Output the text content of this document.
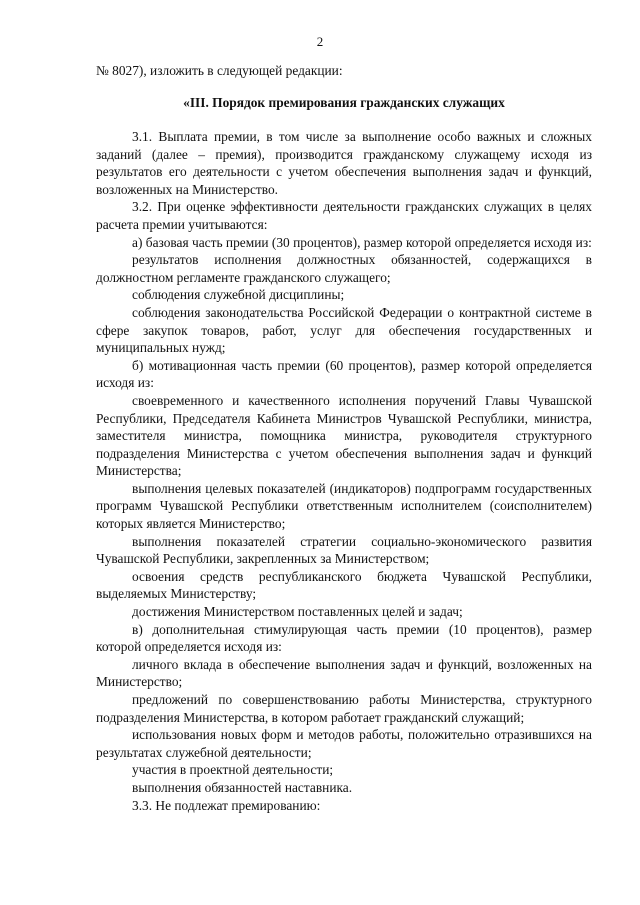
2
№ 8027), изложить в следующей редакции:
«III. Порядок премирования гражданских служащих

3.1. Выплата премии, в том числе за выполнение особо важных и сложных заданий (далее – премия), производится гражданскому служащему исходя из результатов его деятельности с учетом обеспечения выполнения задач и функций, возложенных на Министерство.

3.2. При оценке эффективности деятельности гражданских служащих в целях расчета премии учитываются:

а) базовая часть премии (30 процентов), размер которой определяется исходя из:

результатов исполнения должностных обязанностей, содержащихся в должностном регламенте гражданского служащего;

соблюдения служебной дисциплины;

соблюдения законодательства Российской Федерации о контрактной системе в сфере закупок товаров, работ, услуг для обеспечения государственных и муниципальных нужд;

б) мотивационная часть премии (60 процентов), размер которой определяется исходя из:

своевременного и качественного исполнения поручений Главы Чувашской Республики, Председателя Кабинета Министров Чувашской Республики, министра, заместителя министра, помощника министра, руководителя структурного подразделения Министерства с учетом обеспечения выполнения задач и функций Министерства;

выполнения целевых показателей (индикаторов) подпрограмм государственных программ Чувашской Республики ответственным исполнителем (соисполнителем) которых является Министерство;

выполнения показателей стратегии социально-экономического развития Чувашской Республики, закрепленных за Министерством;

освоения средств республиканского бюджета Чувашской Республики, выделяемых Министерству;

достижения Министерством поставленных целей и задач;

в) дополнительная стимулирующая часть премии (10 процентов), размер которой определяется исходя из:

личного вклада в обеспечение выполнения задач и функций, возложенных на Министерство;

предложений по совершенствованию работы Министерства, структурного подразделения Министерства, в котором работает гражданский служащий;

использования новых форм и методов работы, положительно отразившихся на результатах служебной деятельности;

участия в проектной деятельности;

выполнения обязанностей наставника.

3.3. Не подлежат премированию:
